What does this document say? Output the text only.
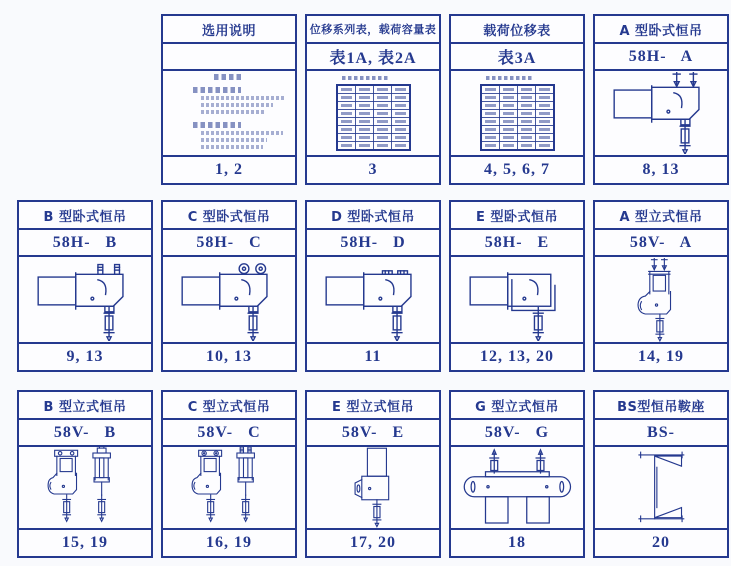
选用说明
1, 2
位移系列表，载荷容量表
表1A, 表2A

3
载荷位移表
表3A

4, 5, 6, 7
A 型卧式恒吊
58H-   A
8, 13
B 型卧式恒吊
58H-   B
9, 13
C 型卧式恒吊
58H-   C
10, 13
D 型卧式恒吊
58H-   D
11
E 型卧式恒吊
58H-   E
12, 13, 20
A 型立式恒吊
58V-   A
14, 19
B 型立式恒吊
58V-   B
15, 19
C 型立式恒吊
58V-   C
16, 19
E 型立式恒吊
58V-   E
17, 20
G 型立式恒吊
58V-   G
18
BS型恒吊鞍座
BS-
20
